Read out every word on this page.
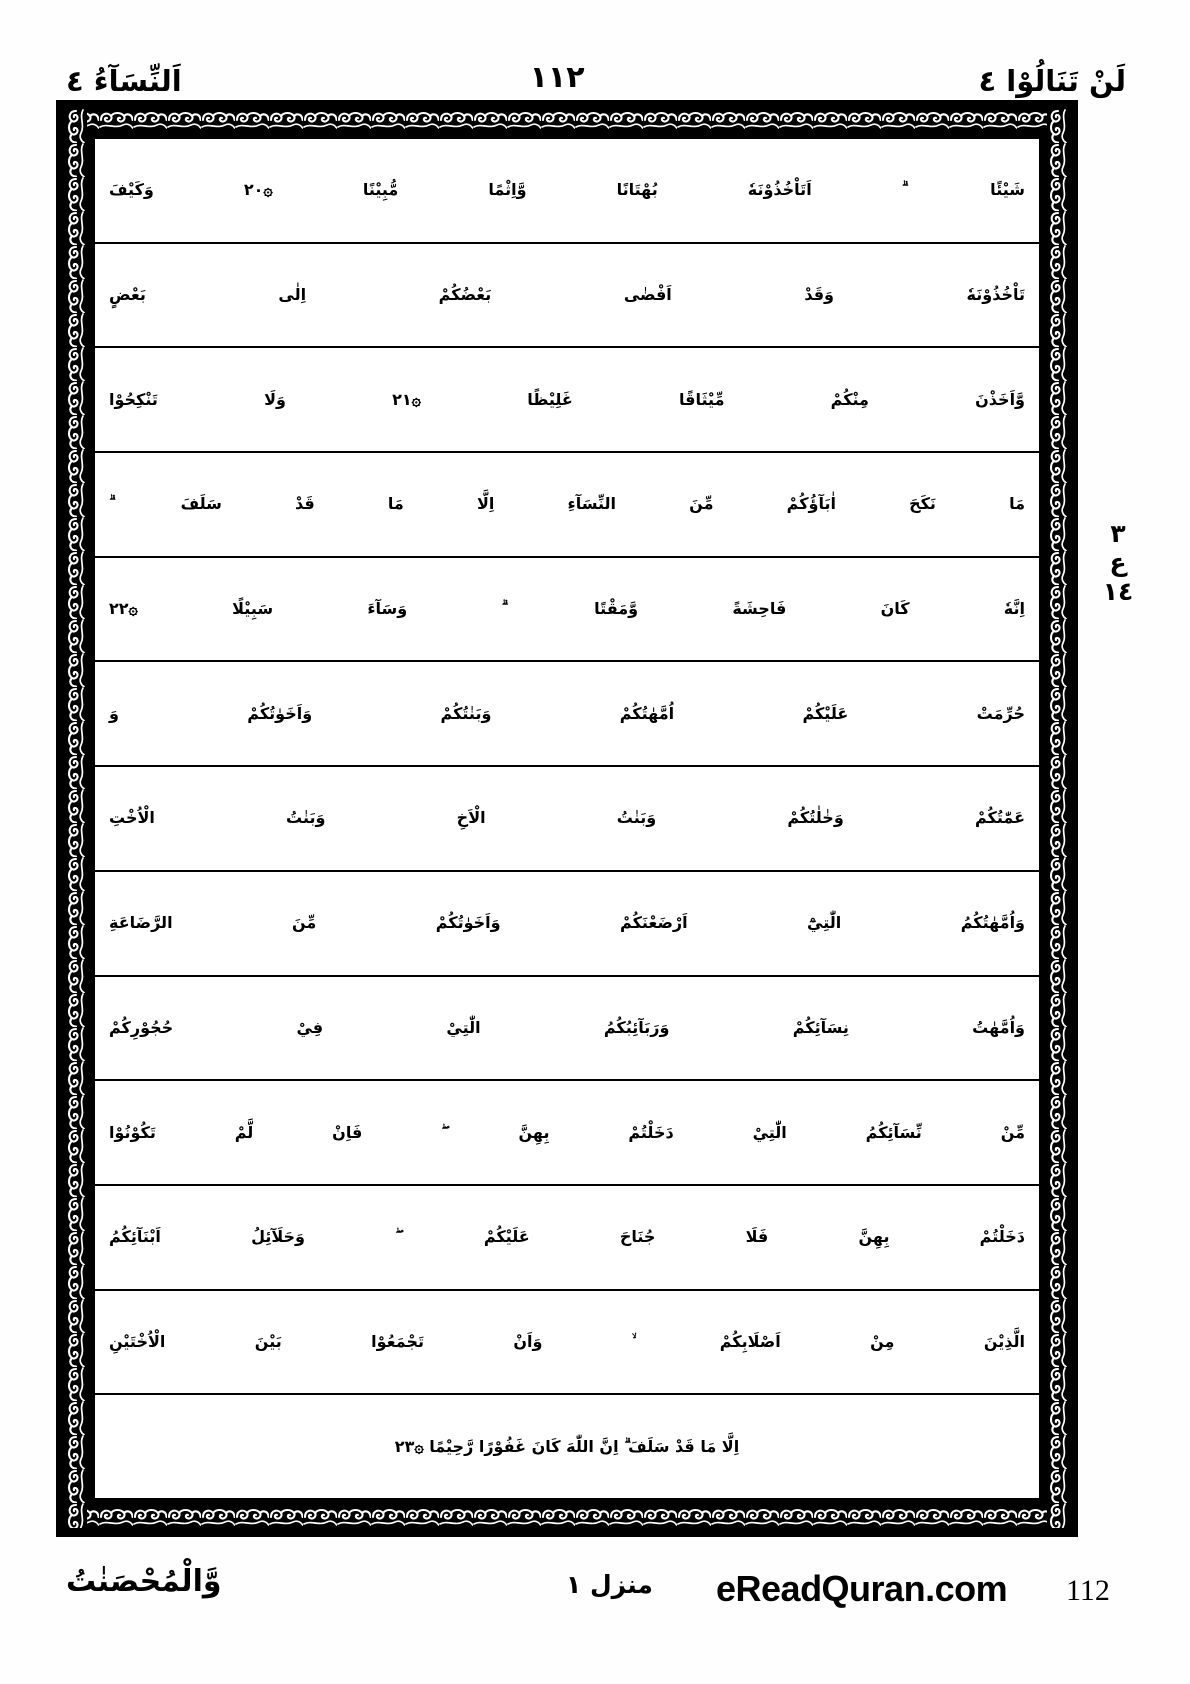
لَنْ تَنَالُوْا ٤
١١٢
اَلنِّسَآءُ ٤
شَيْئًا ۗ اَتَاْخُذُوْنَهٗ بُهْتَانًا وَّاِثْمًا مُّبِيْنًا ۞٢٠ وَكَيْفَ
تَاْخُذُوْنَهٗ وَقَدْ اَفْضٰى بَعْضُكُمْ اِلٰى بَعْضٍ
وَّاَخَذْنَ مِنْكُمْ مِّيْثَاقًا غَلِيْظًا ۞٢١ وَلَا تَنْكِحُوْا
مَا نَكَحَ اٰبَآؤُكُمْ مِّنَ النِّسَآءِ اِلَّا مَا قَدْ سَلَفَ ۗ
اِنَّهٗ كَانَ فَاحِشَةً وَّمَقْتًا ۗ وَسَآءَ سَبِيْلًا ۞٢٢
حُرِّمَتْ عَلَيْكُمْ اُمَّهٰتُكُمْ وَبَنٰتُكُمْ وَاَخَوٰتُكُمْ وَ
عَمّٰتُكُمْ وَخٰلٰتُكُمْ وَبَنٰتُ الْاَخِ وَبَنٰتُ الْاُخْتِ
وَاُمَّهٰتُكُمُ الّٰتِيْٓ اَرْضَعْنَكُمْ وَاَخَوٰتُكُمْ مِّنَ الرَّضَاعَةِ
وَاُمَّهٰتُ نِسَآئِكُمْ وَرَبَآئِبُكُمُ الّٰتِيْ فِيْ حُجُوْرِكُمْ
مِّنْ نِّسَآئِكُمُ الّٰتِيْ دَخَلْتُمْ بِهِنَّ ۖ فَاِنْ لَّمْ تَكُوْنُوْا
دَخَلْتُمْ بِهِنَّ فَلَا جُنَاحَ عَلَيْكُمْ ۖ وَحَلَآئِلُ اَبْنَآئِكُمُ
الَّذِيْنَ مِنْ اَصْلَابِكُمْ ۙ وَاَنْ تَجْمَعُوْا بَيْنَ الْاُخْتَيْنِ
اِلَّا مَا قَدْ سَلَفَ ۗ اِنَّ اللّٰهَ كَانَ غَفُوْرًا رَّحِيْمًا ۞٢٣
٣
ع
١٤
وَّالْمُحْصَنٰتُ	منزل ١ eReadQuran.com 112
